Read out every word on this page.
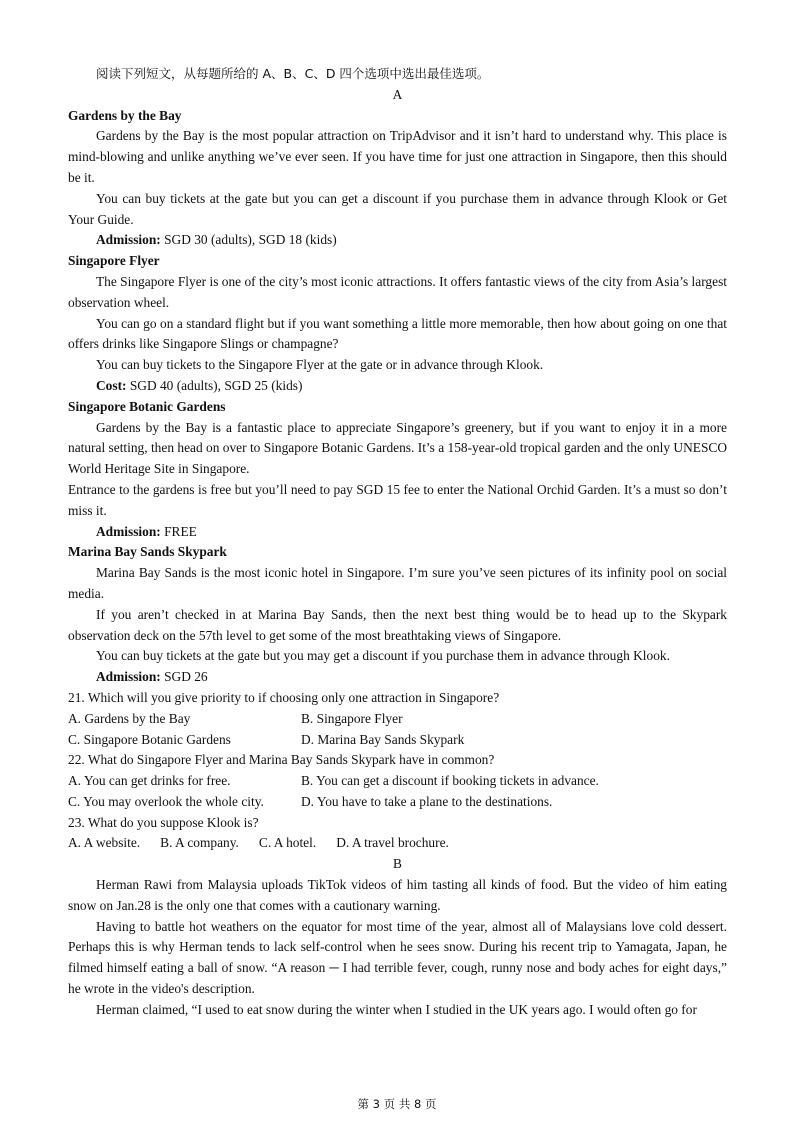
阅读下列短文，从每题所给的 A、B、C、D 四个选项中选出最佳选项。

A

Gardens by the Bay

Gardens by the Bay is the most popular attraction on TripAdvisor and it isn’t hard to understand why. This place is mind-blowing and unlike anything we’ve ever seen. If you have time for just one attraction in Singapore, then this should be it.

You can buy tickets at the gate but you can get a discount if you purchase them in advance through Klook or Get Your Guide.

Admission: SGD 30 (adults), SGD 18 (kids)

Singapore Flyer

The Singapore Flyer is one of the city’s most iconic attractions. It offers fantastic views of the city from Asia’s largest observation wheel.

You can go on a standard flight but if you want something a little more memorable, then how about going on one that offers drinks like Singapore Slings or champagne?

You can buy tickets to the Singapore Flyer at the gate or in advance through Klook.

Cost: SGD 40 (adults), SGD 25 (kids)

Singapore Botanic Gardens

Gardens by the Bay is a fantastic place to appreciate Singapore’s greenery, but if you want to enjoy it in a more natural setting, then head on over to Singapore Botanic Gardens. It’s a 158-year-old tropical garden and the only UNESCO World Heritage Site in Singapore.

Entrance to the gardens is free but you’ll need to pay SGD 15 fee to enter the National Orchid Garden. It’s a must so don’t miss it.

Admission: FREE

Marina Bay Sands Skypark

Marina Bay Sands is the most iconic hotel in Singapore. I’m sure you’ve seen pictures of its infinity pool on social media.

If you aren’t checked in at Marina Bay Sands, then the next best thing would be to head up to the Skypark observation deck on the 57th level to get some of the most breathtaking views of Singapore.

You can buy tickets at the gate but you may get a discount if you purchase them in advance through Klook.

Admission: SGD 26

21. Which will you give priority to if choosing only one attraction in Singapore?

A. Gardens by the Bay	B. Singapore Flyer
C. Singapore Botanic Gardens	D. Marina Bay Sands Skypark

22. What do Singapore Flyer and Marina Bay Sands Skypark have in common?

A. You can get drinks for free.	B. You can get a discount if booking tickets in advance.
C. You may overlook the whole city.	D. You have to take a plane to the destinations.

23. What do you suppose Klook is?

A. A website. B. A company. C. A hotel. D. A travel brochure.

B

Herman Rawi from Malaysia uploads TikTok videos of him tasting all kinds of food. But the video of him eating snow on Jan.28 is the only one that comes with a cautionary warning.

Having to battle hot weathers on the equator for most time of the year, almost all of Malaysians love cold dessert. Perhaps this is why Herman tends to lack self-control when he sees snow. During his recent trip to Yamagata, Japan, he filmed himself eating a ball of snow. “A reason ─ I had terrible fever, cough, runny nose and body aches for eight days,” he wrote in the video's description.

Herman claimed, “I used to eat snow during the winter when I studied in the UK years ago. I would often go for

第 3 页 共 8 页
